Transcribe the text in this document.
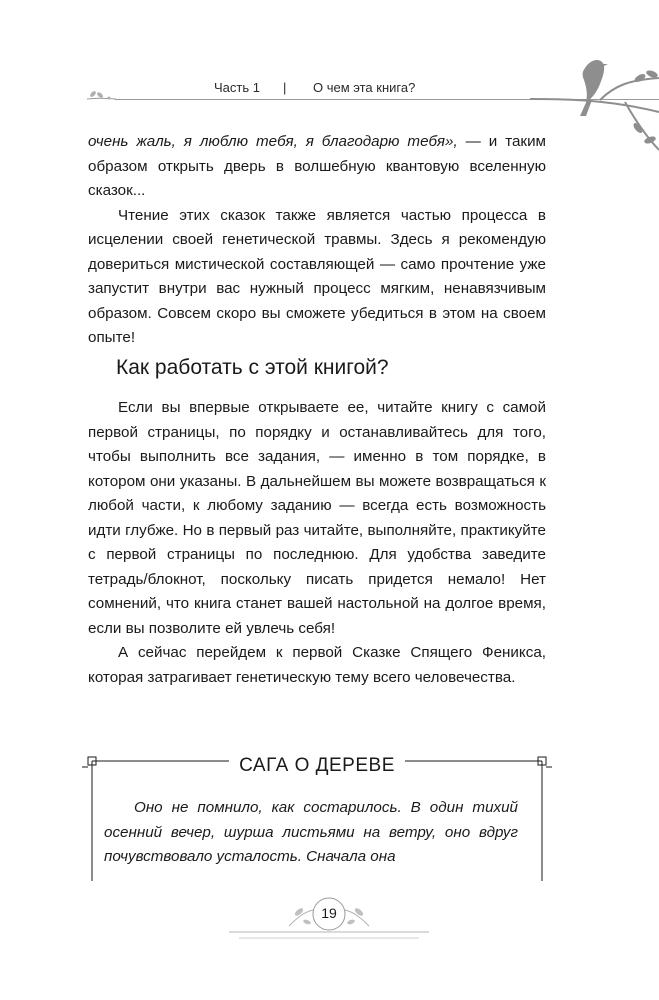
Часть 1 | О чем эта книга?

очень жаль, я люблю тебя, я благодарю тебя», — и таким образом открыть дверь в волшебную квантовую вселенную сказок...

Чтение этих сказок также является частью процесса в исцелении своей генетической травмы. Здесь я рекомендую довериться мистической составляющей — само прочтение уже запустит внутри вас нужный процесс мягким, ненавязчивым образом. Совсем скоро вы сможете убедиться в этом на своем опыте!

Как работать с этой книгой?

Если вы впервые открываете ее, читайте книгу с самой первой страницы, по порядку и останавливайтесь для того, чтобы выполнить все задания, — именно в том порядке, в котором они указаны. В дальнейшем вы можете возвращаться к любой части, к любому заданию — всегда есть возможность идти глубже. Но в первый раз читайте, выполняйте, практикуйте с первой страницы по последнюю. Для удобства заведите тетрадь/блокнот, поскольку писать придется немало! Нет сомнений, что книга станет вашей настольной на долгое время, если вы позволите ей увлечь себя!

А сейчас перейдем к первой Сказке Спящего Феникса, которая затрагивает генетическую тему всего человечества.

САГА О ДЕРЕВЕ

Оно не помнило, как состарилось. В один тихий осенний вечер, шурша листьями на ветру, оно вдруг почувствовало усталость. Сначала она

19
